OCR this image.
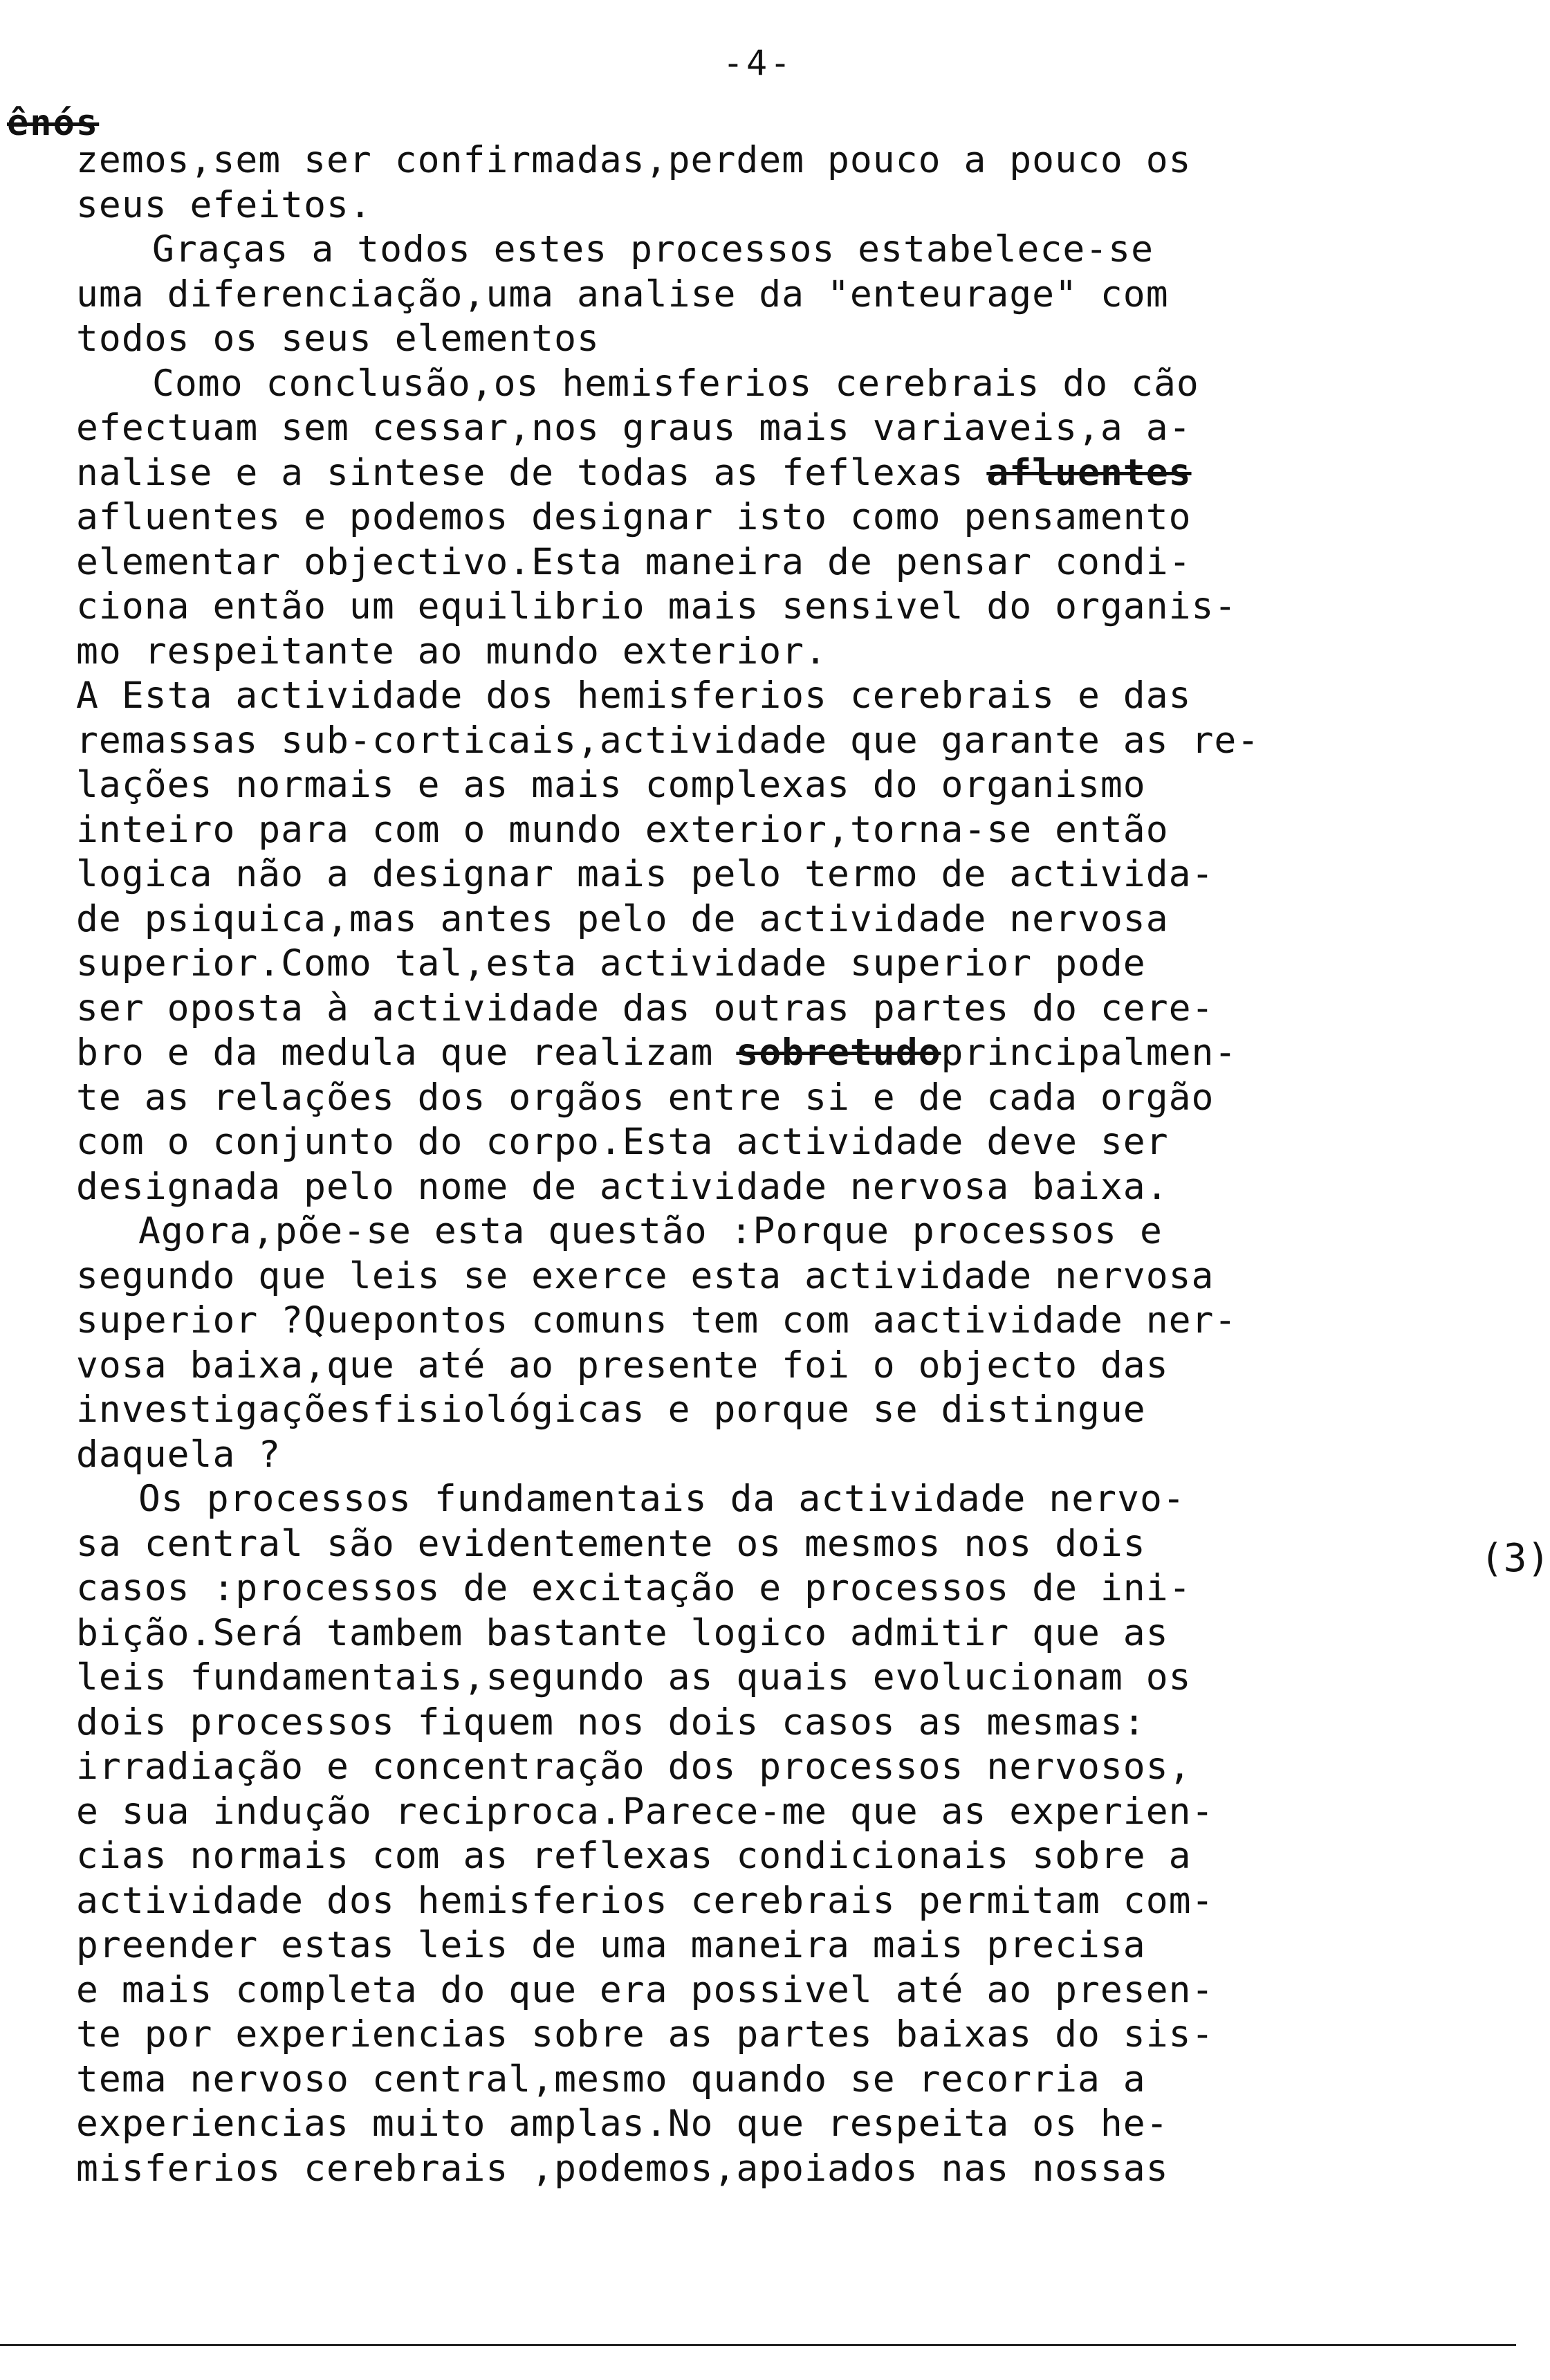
-4-
ênós
zemos,sem ser confirmadas,perdem pouco a pouco os
seus efeitos.
Graças a todos estes processos estabelece-se
uma diferenciação,uma analise da "enteurage" com
todos os seus elementos
Como conclusão,os hemisferios cerebrais do cão
efectuam sem cessar,nos graus mais variaveis,a a-
nalise e a sintese de todas as feflexas afluentes
afluentes e podemos designar isto como pensamento
elementar objectivo.Esta maneira de pensar condi-
ciona então um equilibrio mais sensivel do organis-
mo respeitante ao mundo exterior.
A Esta actividade dos hemisferios cerebrais e das
remassas sub-corticais,actividade que garante as re-
lações normais e as mais complexas do organismo
inteiro para com o mundo exterior,torna-se então
logica não a designar mais pelo termo de activida-
de psiquica,mas antes pelo de actividade nervosa
superior.Como tal,esta actividade superior pode
ser oposta à actividade das outras partes do cere-
bro e da medula que realizam sobretudoprincipalmen-
te as relações dos orgãos entre si e de cada orgão
com o conjunto do corpo.Esta actividade deve ser
designada pelo nome de actividade nervosa baixa.
Agora,põe-se esta questão :Porque processos e
segundo que leis se exerce esta actividade nervosa
superior ?Quepontos comuns tem com aactividade ner-
vosa baixa,que até ao presente foi o objecto das
investigaçõesfisiológicas e porque se distingue
daquela ?
Os processos fundamentais da actividade nervo-
sa central são evidentemente os mesmos nos dois
casos :processos de excitação e processos de ini-
bição.Será tambem bastante logico admitir que as
leis fundamentais,segundo as quais evolucionam os
dois processos fiquem nos dois casos as mesmas:
irradiação e concentração dos processos nervosos,
e sua indução reciproca.Parece-me que as experien-
cias normais com as reflexas condicionais sobre a
actividade dos hemisferios cerebrais permitam com-
preender estas leis de uma maneira mais precisa
e mais completa do que era possivel até ao presen-
te por experiencias sobre as partes baixas do sis-
tema nervoso central,mesmo quando se recorria a
experiencias muito amplas.No que respeita os he-
misferios cerebrais ,podemos,apoiados nas nossas
(3)
